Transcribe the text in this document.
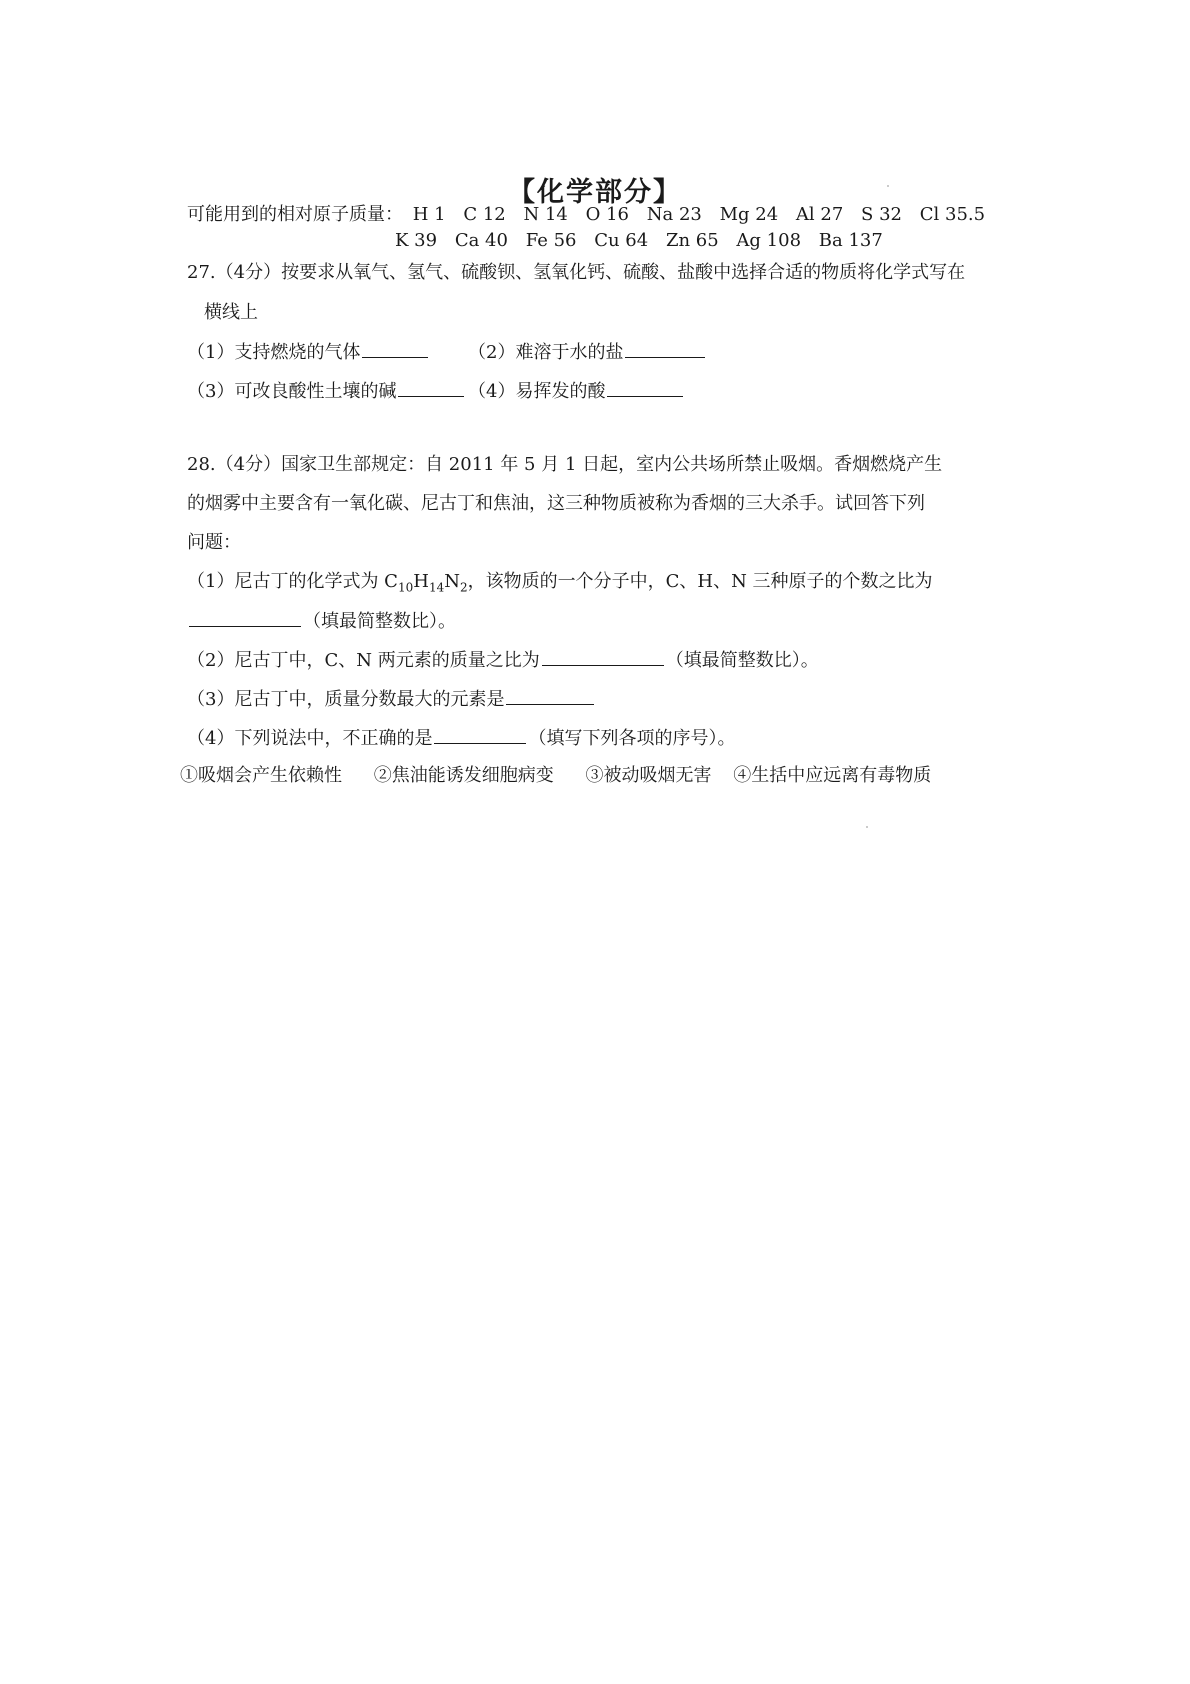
【化学部分】
可能用到的相对原子质量： H 1 C 12 N 14 O 16 Na 23 Mg 24 Al 27 S 32 Cl 35.5
K 39 Ca 40 Fe 56 Cu 64 Zn 65 Ag 108 Ba 137
27.（4分）按要求从氧气、氢气、硫酸钡、氢氧化钙、硫酸、盐酸中选择合适的物质将化学式写在
横线上
（1）支持燃烧的气体	（2）难溶于水的盐
（3）可改良酸性土壤的碱	（4）易挥发的酸
28.（4分）国家卫生部规定：自 2011 年 5 月 1 日起，室内公共场所禁止吸烟。香烟燃烧产生
的烟雾中主要含有一氧化碳、尼古丁和焦油，这三种物质被称为香烟的三大杀手。试回答下列
问题：
（1）尼古丁的化学式为 $C_{10}H_{14}N_2$，该物质的一个分子中，C、H、N 三种原子的个数之比为
（填最简整数比）。
（2）尼古丁中，C、N 两元素的质量之比为	（填最简整数比）。
（3）尼古丁中，质量分数最大的元素是
（4）下列说法中，不正确的是	（填写下列各项的序号）。
①吸烟会产生依赖性 ②焦油能诱发细胞病变 ③被动吸烟无害 ④生括中应远离有毒物质
